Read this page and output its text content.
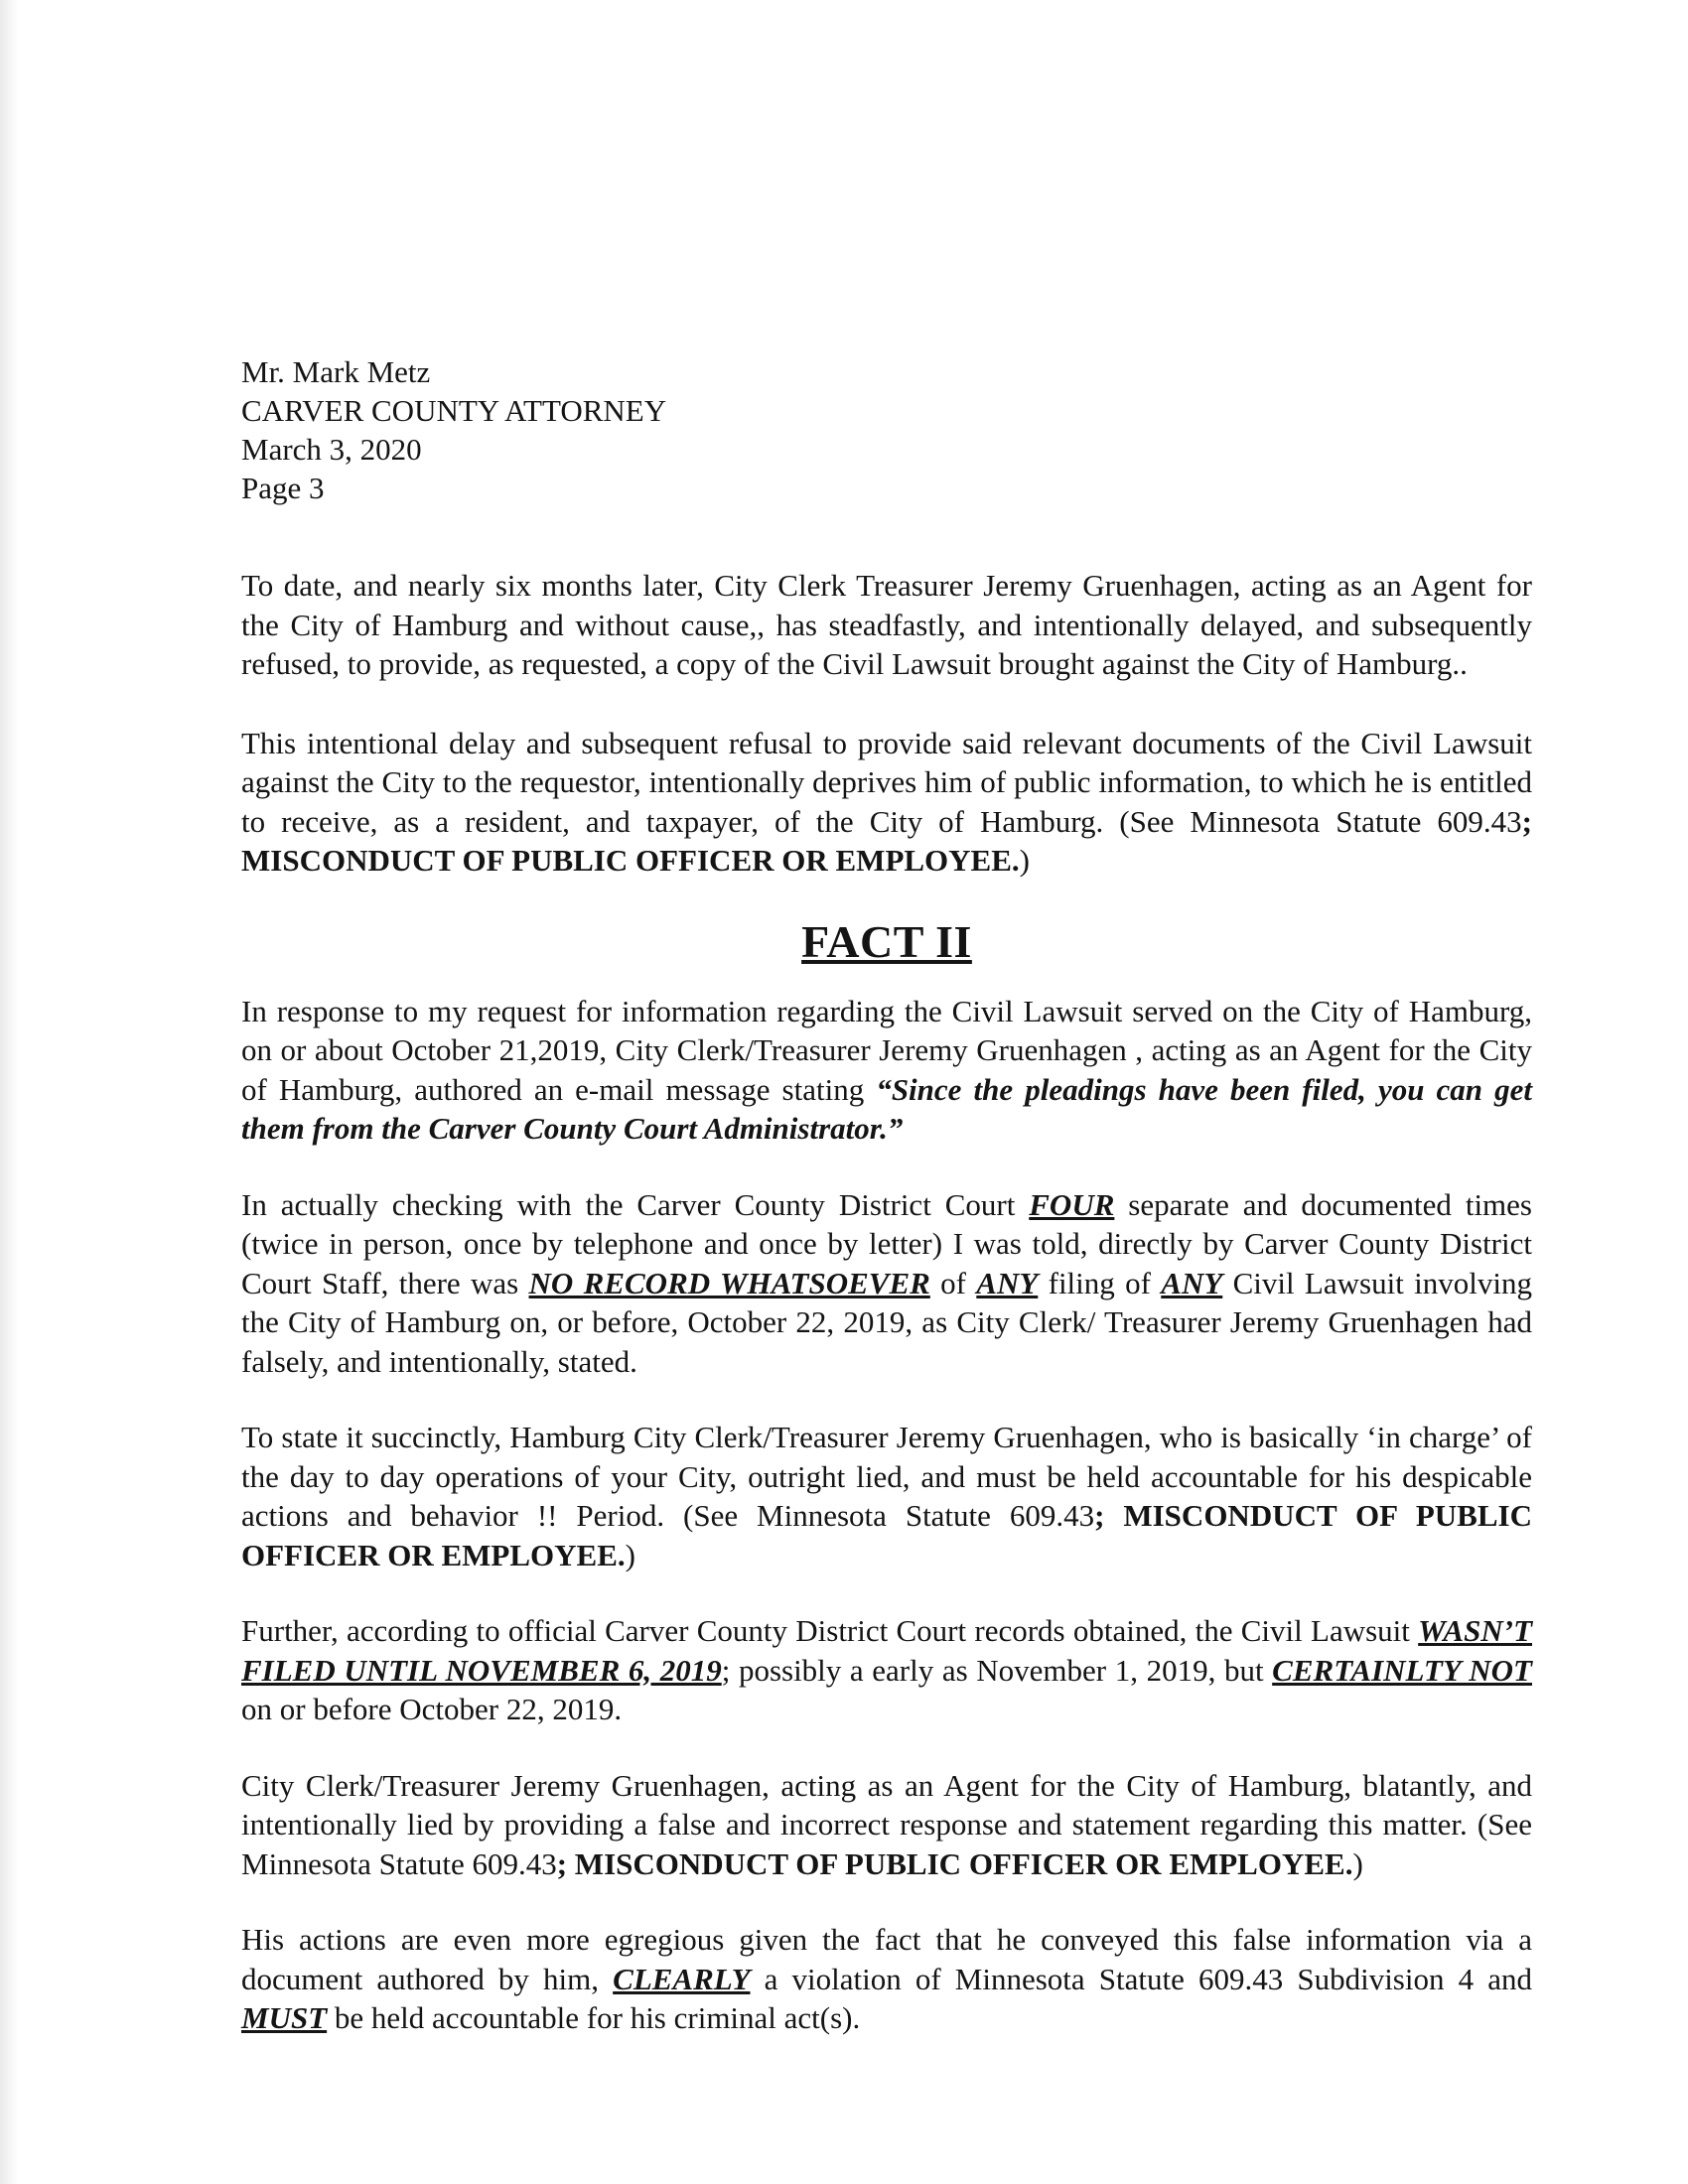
Mr. Mark Metz

CARVER COUNTY ATTORNEY

March 3, 2020

Page 3

To date, and nearly six months later, City Clerk Treasurer Jeremy Gruenhagen, acting as an Agent for the City of Hamburg and without cause,, has steadfastly, and intentionally delayed, and subsequently refused, to provide, as requested, a copy of the Civil Lawsuit brought against the City of Hamburg..

This intentional delay and subsequent refusal to provide said relevant documents of the Civil Lawsuit against the City to the requestor, intentionally deprives him of public information, to which he is entitled to receive, as a resident, and taxpayer, of the City of Hamburg. (See Minnesota Statute 609.43; MISCONDUCT OF PUBLIC OFFICER OR EMPLOYEE.)

FACT II

In response to my request for information regarding the Civil Lawsuit served on the City of Hamburg, on or about October 21,2019, City Clerk/Treasurer Jeremy Gruenhagen , acting as an Agent for the City of Hamburg, authored an e-mail message stating “Since the pleadings have been filed, you can get them from the Carver County Court Administrator.”

In actually checking with the Carver County District Court FOUR separate and documented times (twice in person, once by telephone and once by letter) I was told, directly by Carver County District Court Staff, there was NO RECORD WHATSOEVER of ANY filing of ANY Civil Lawsuit involving the City of Hamburg on, or before, October 22, 2019, as City Clerk/ Treasurer Jeremy Gruenhagen had falsely, and intentionally, stated.

To state it succinctly, Hamburg City Clerk/Treasurer Jeremy Gruenhagen, who is basically ‘in charge’ of the day to day operations of your City, outright lied, and must be held accountable for his despicable actions and behavior !! Period. (See Minnesota Statute 609.43; MISCONDUCT OF PUBLIC OFFICER OR EMPLOYEE.)

Further, according to official Carver County District Court records obtained, the Civil Lawsuit WASN’T FILED UNTIL NOVEMBER 6, 2019; possibly a early as November 1, 2019, but CERTAINLTY NOT on or before October 22, 2019.

City Clerk/Treasurer Jeremy Gruenhagen, acting as an Agent for the City of Hamburg, blatantly, and intentionally lied by providing a false and incorrect response and statement regarding this matter. (See Minnesota Statute 609.43; MISCONDUCT OF PUBLIC OFFICER OR EMPLOYEE.)

His actions are even more egregious given the fact that he conveyed this false information via a document authored by him, CLEARLY a violation of Minnesota Statute 609.43 Subdivision 4 and MUST be held accountable for his criminal act(s).
